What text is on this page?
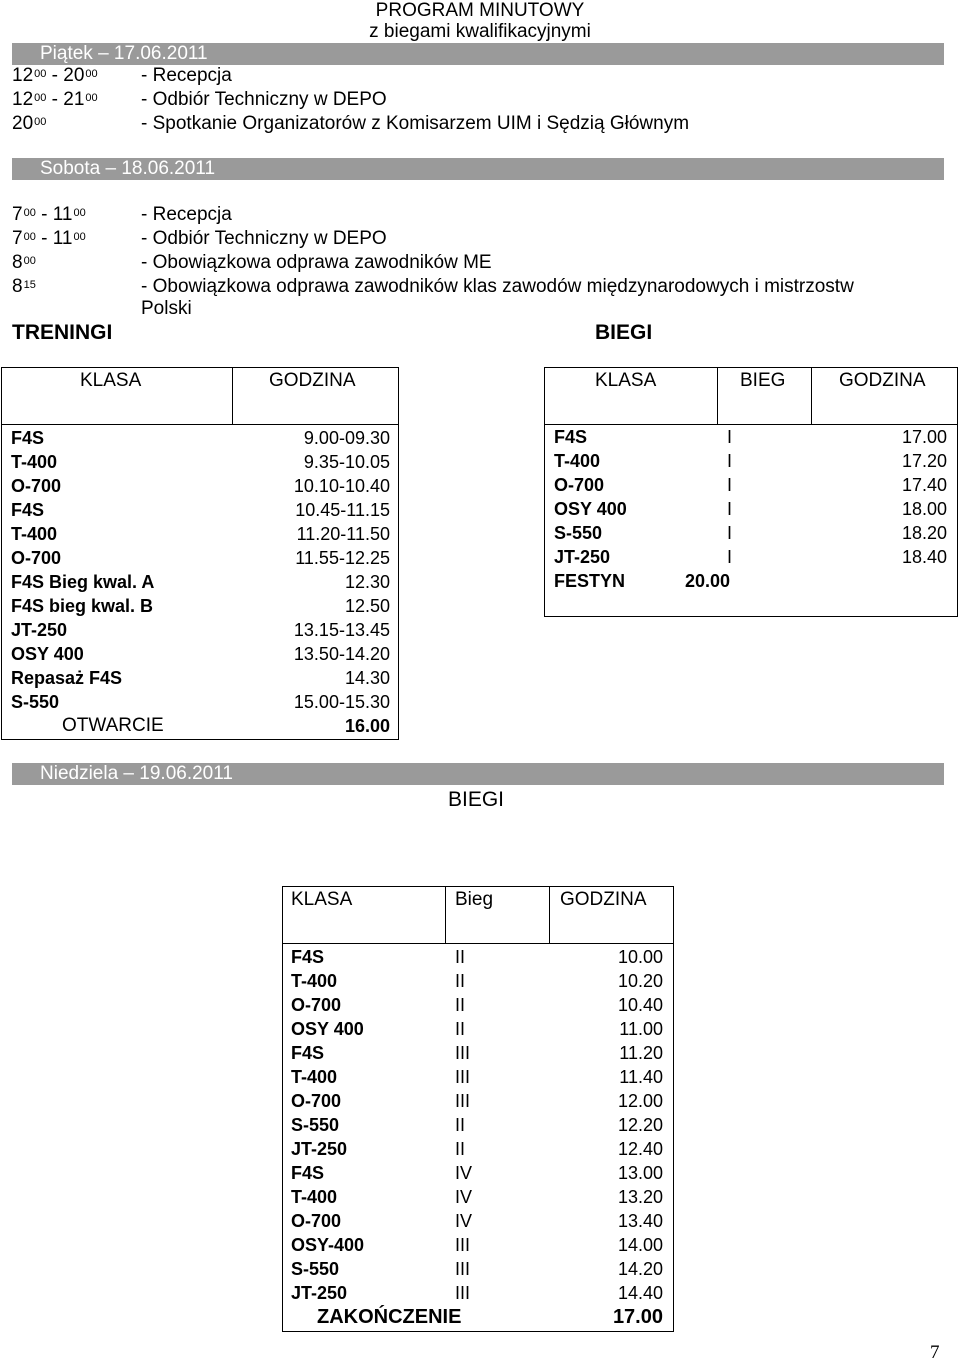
PROGRAM MINUTOWY
z biegami kwalifikacyjnymi
Piątek – 17.06.2011
$12^{00} - 20^{00}$ - Recepcja
$12^{00} - 21^{00}$ - Odbiór Techniczny w DEPO
$20^{00}$	- Spotkanie Organizatorów z Komisarzem UIM i Sędzią Głównym
Sobota – 18.06.2011
$7^{00} - 11^{00}$	- Recepcja
$7^{00} - 11^{00}$	- Odbiór Techniczny w DEPO
$8^{00}$	- Obowiązkowa odprawa zawodników ME
$8^{15}$	- Obowiązkowa odprawa zawodników klas zawodów międzynarodowych i mistrzostw
Polski
TRENINGI	BIEGI
KLASA	GODZINA
F4S	9.00-09.30
T-400	9.35-10.05
O-700	10.10-10.40
F4S	10.45-11.15
T-400	11.20-11.50
O-700	11.55-12.25
F4S Bieg kwal. A	12.30
F4S bieg kwal. B	12.50
JT-250	13.15-13.45
OSY 400	13.50-14.20
Repasaż F4S	14.30
S-550	15.00-15.30
OTWARCIE	16.00
KLASA	BIEG	GODZINA
F4S	I	17.00
T-400	I	17.20
O-700	I	17.40
OSY 400	I	18.00
S-550	I	18.20
JT-250	I	18.40
FESTYN	20.00
Niedziela – 19.06.2011
BIEGI
KLASA	Bieg	GODZINA
F4S	II	10.00
T-400	II	10.20
O-700	II	10.40
OSY 400	II	11.00
F4S	III	11.20
T-400	III	11.40
O-700	III	12.00
S-550	II	12.20
JT-250	II	12.40
F4S	IV	13.00
T-400	IV	13.20
O-700	IV	13.40
OSY-400	III	14.00
S-550	III	14.20
JT-250	III	14.40
ZAKOŃCZENIE	17.00
7
